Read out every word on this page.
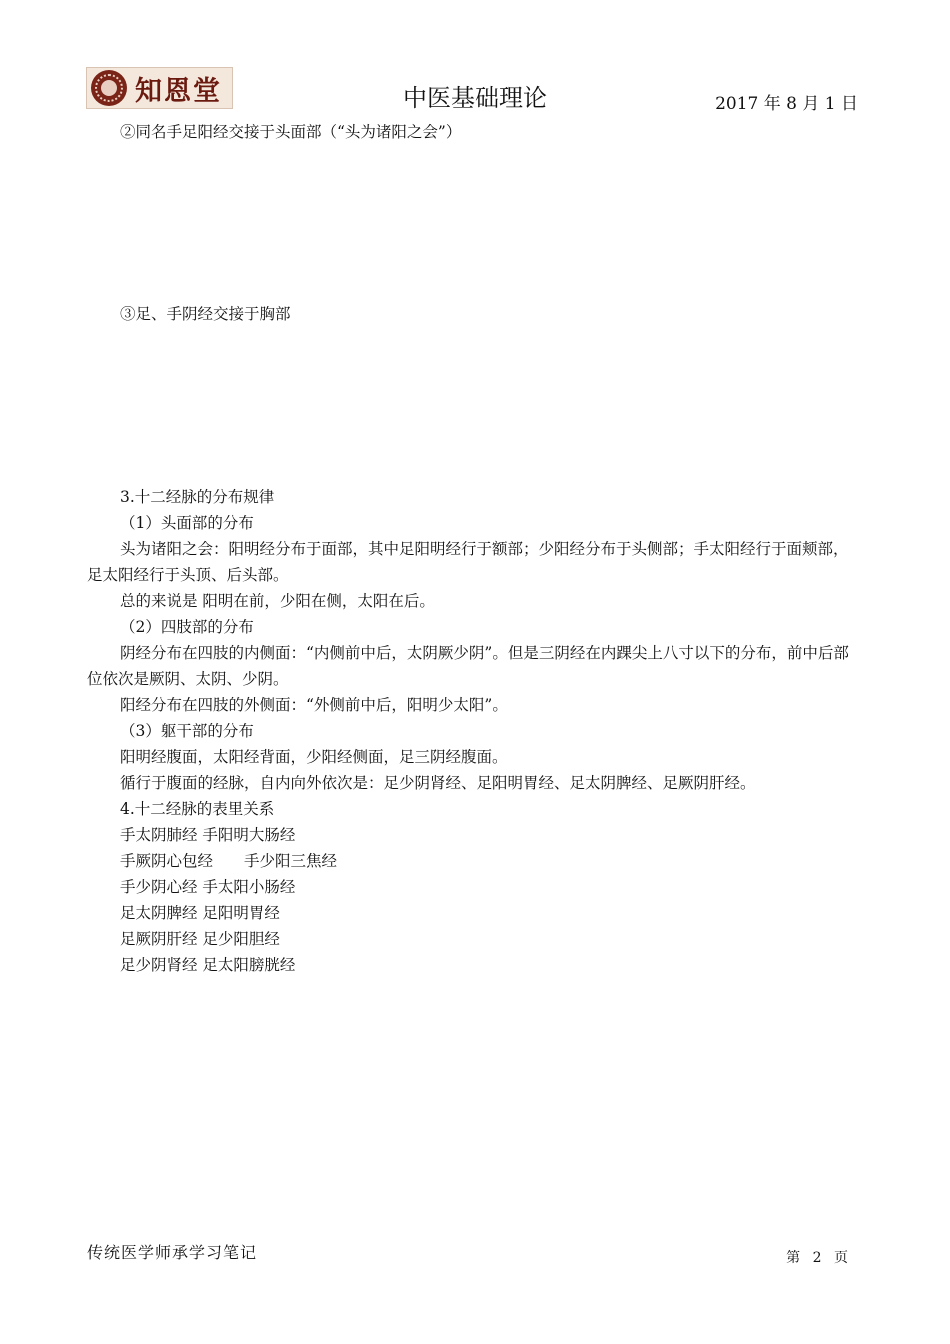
知恩堂	中医基础理论	2017 年 8 月 1 日

②同名手足阳经交接于头面部（“头为诸阳之会”）

③足、手阴经交接于胸部

3.十二经脉的分布规律

（1）头面部的分布

头为诸阳之会：阳明经分布于面部，其中足阳明经行于额部；少阳经分布于头侧部；手太阳经行于面颊部，足太阳经行于头顶、后头部。

总的来说是 阳明在前，少阳在侧，太阳在后。

（2）四肢部的分布

阴经分布在四肢的内侧面：“内侧前中后，太阴厥少阴”。但是三阴经在内踝尖上八寸以下的分布，前中后部位依次是厥阴、太阴、少阴。

阳经分布在四肢的外侧面：“外侧前中后，阳明少太阳”。

（3）躯干部的分布

阳明经腹面，太阳经背面，少阳经侧面，足三阴经腹面。

循行于腹面的经脉，自内向外依次是：足少阴肾经、足阳明胃经、足太阴脾经、足厥阴肝经。

4.十二经脉的表里关系

手太阴肺经 手阳明大肠经

手厥阴心包经　　手少阳三焦经

手少阴心经 手太阳小肠经

足太阴脾经 足阳明胃经

足厥阴肝经 足少阳胆经

足少阴肾经 足太阳膀胱经

传统医学师承学习笔记	第 2 页
